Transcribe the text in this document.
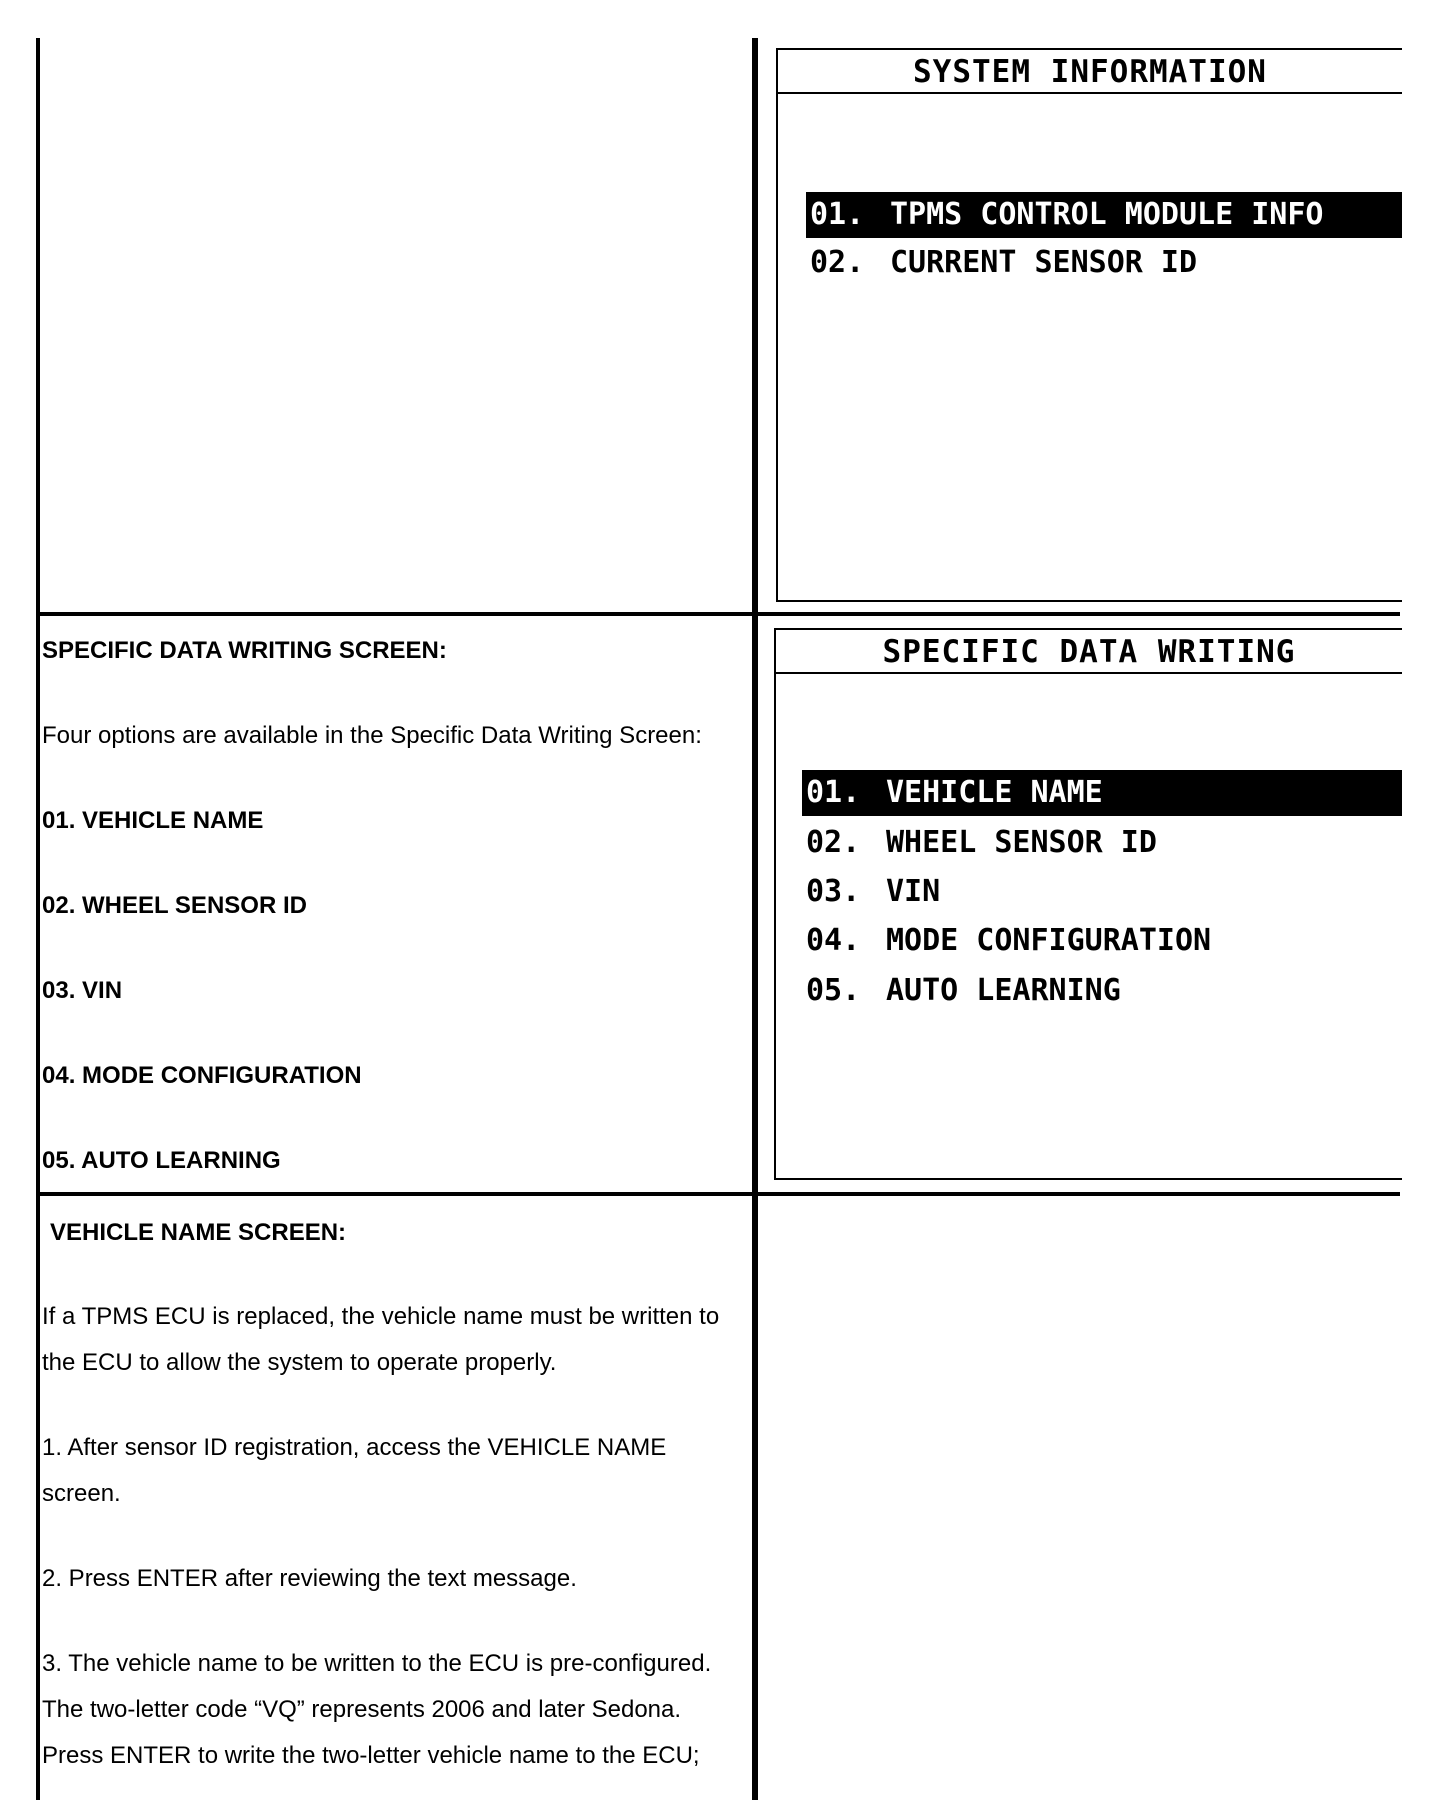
SYSTEM INFORMATION
01. TPMS CONTROL MODULE INFO
02. CURRENT SENSOR ID
SPECIFIC DATA WRITING SCREEN:
Four options are available in the Specific Data Writing Screen:
01. VEHICLE NAME
02. WHEEL SENSOR ID
03. VIN
04. MODE CONFIGURATION
05. AUTO LEARNING
SPECIFIC DATA WRITING
01. VEHICLE NAME
02. WHEEL SENSOR ID
03. VIN
04. MODE CONFIGURATION
05. AUTO LEARNING
VEHICLE NAME SCREEN:
If a TPMS ECU is replaced, the vehicle name must be written to
the ECU to allow the system to operate properly.
1. After sensor ID registration, access the VEHICLE NAME
screen.
2. Press ENTER after reviewing the text message.
3. The vehicle name to be written to the ECU is pre-configured.
The two-letter code “VQ” represents 2006 and later Sedona.
Press ENTER to write the two-letter vehicle name to the ECU;
